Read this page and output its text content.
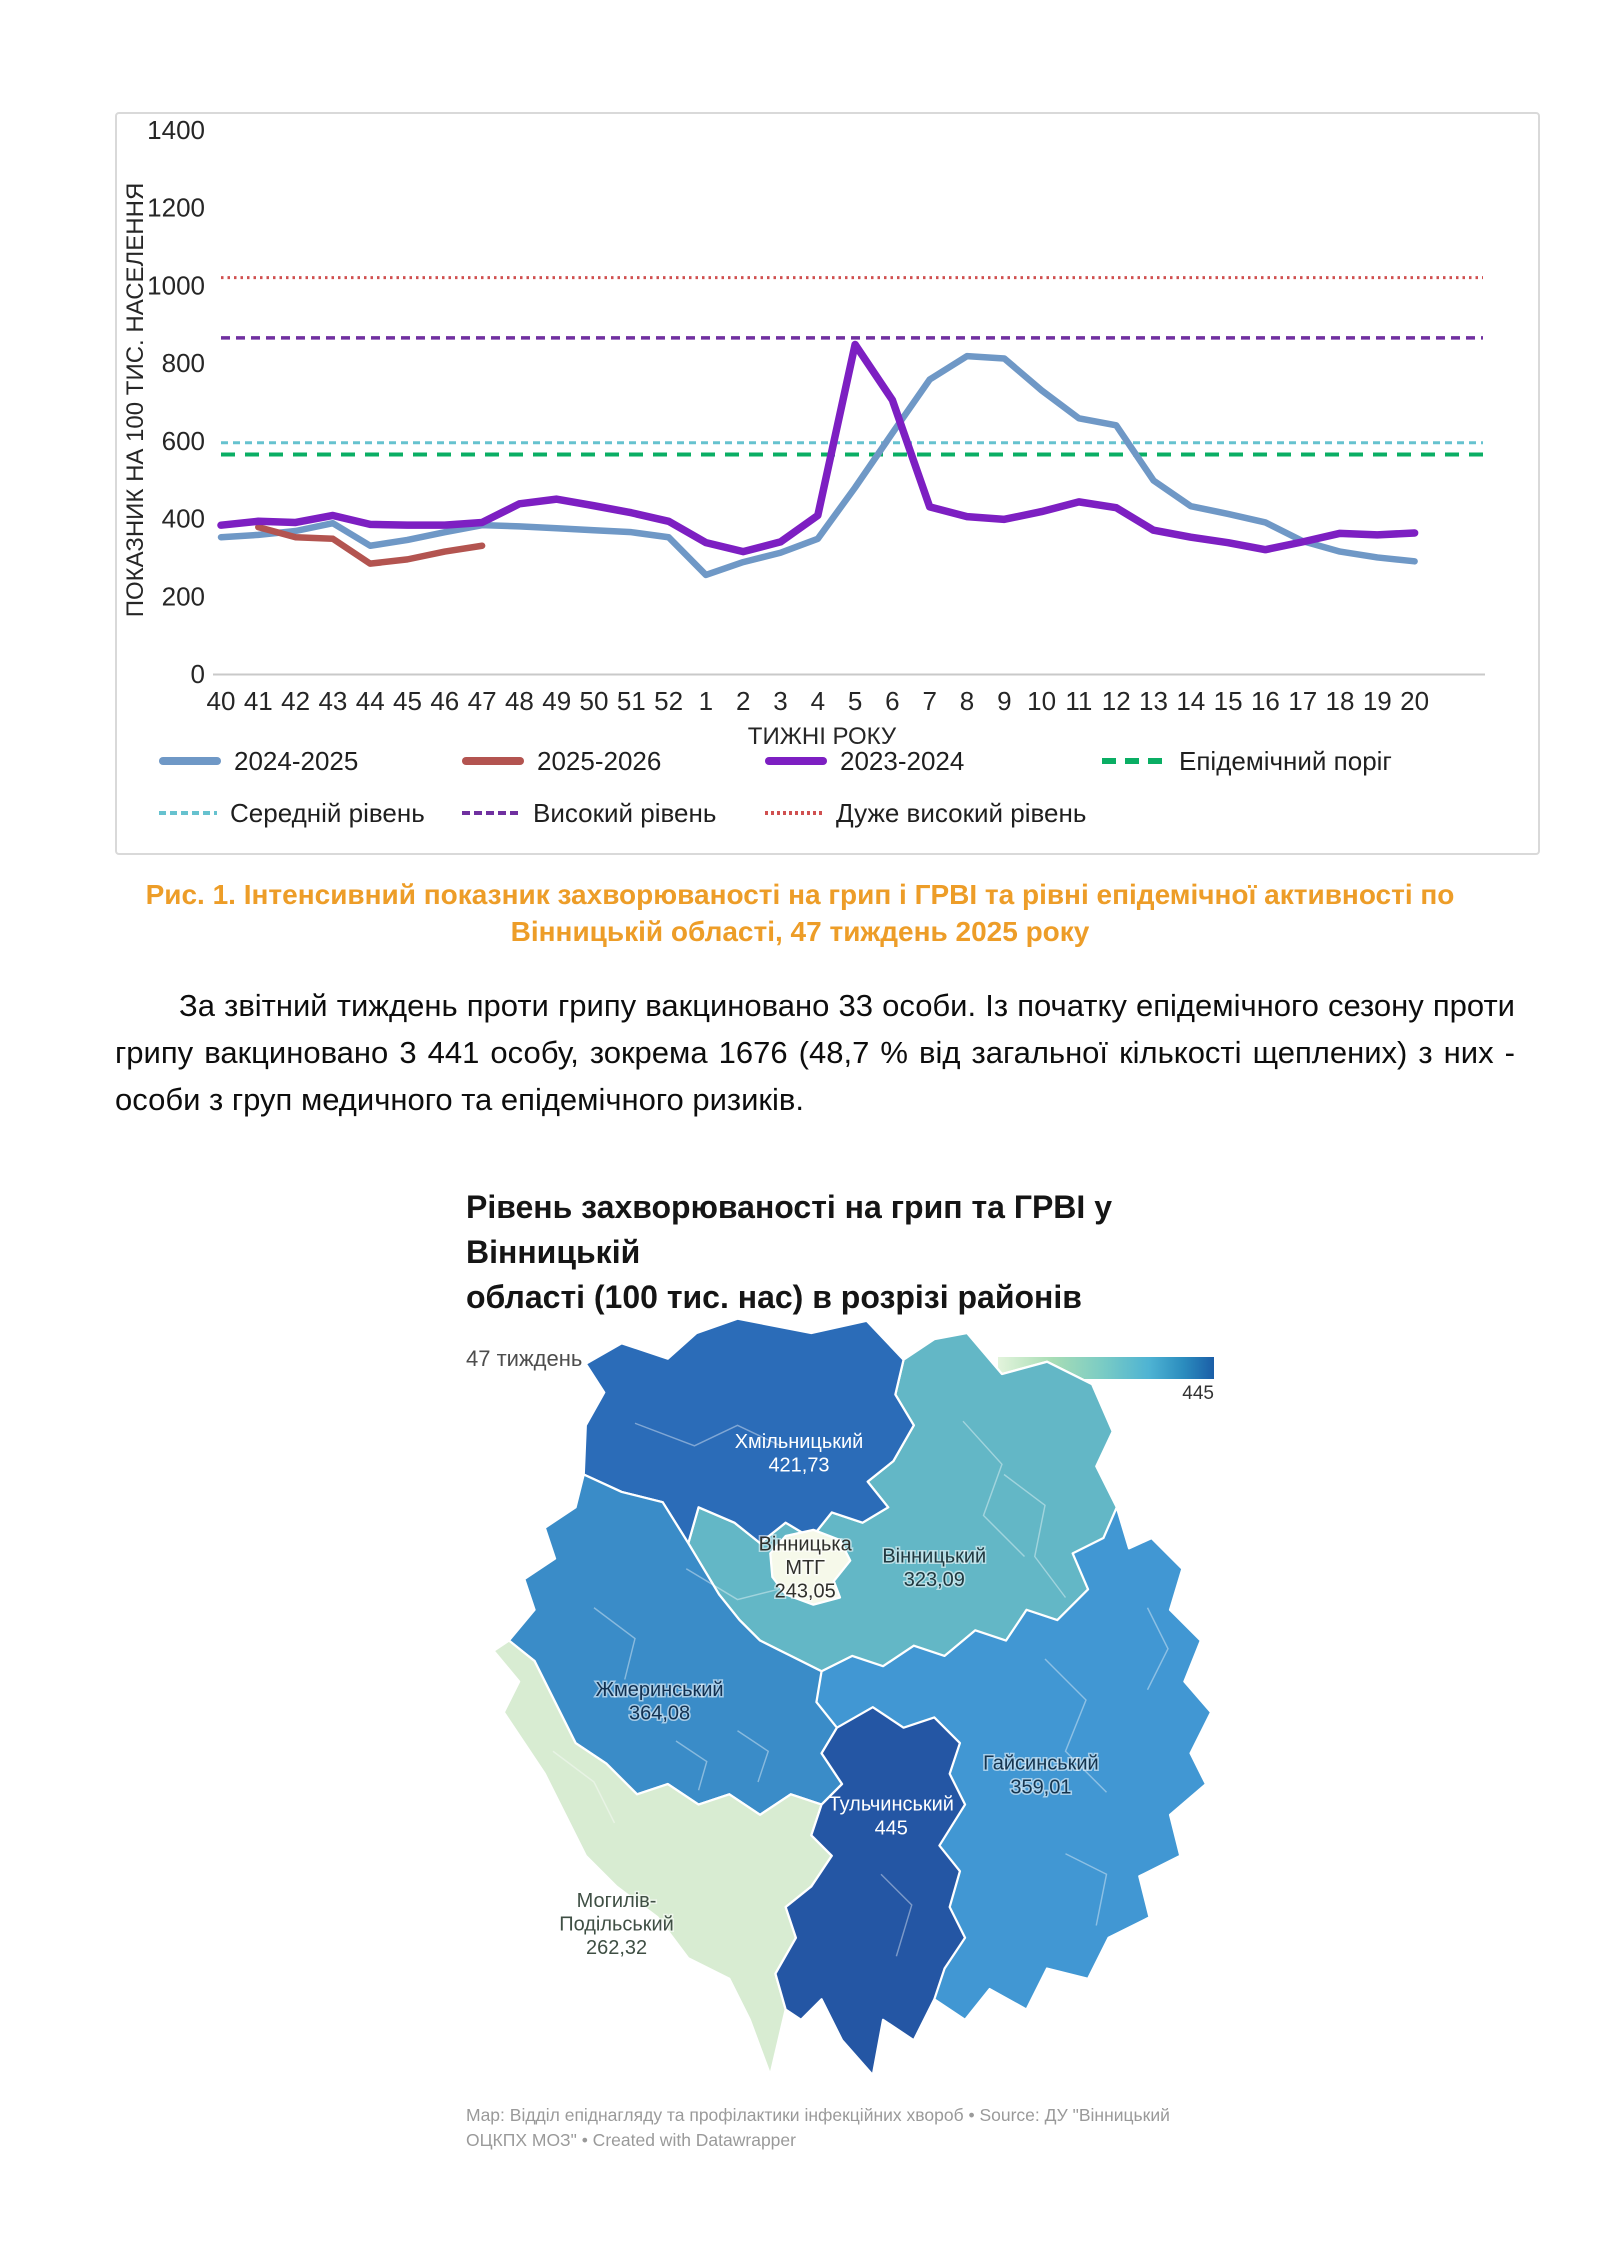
0
200
400
600
800
1000
1200
1400
ПОКАЗНИК НА 100 ТИС. НАСЕЛЕННЯ
40 41 42 43 44 45 46 47 48 49 50 51 52 1 2 3 4 5 6 7 8 9 10 11 12 13 14 15 16 17 18 19 20
ТИЖНІ РОКУ
2024-2025	2025-2026	2023-2024	Епідемічний поріг
Середній рівень	Високий рівень	Дуже високий рівень
Рис. 1. Інтенсивний показник захворюваності на грип і ГРВІ та рівні епідемічної активності по
Вінницькій області, 47 тиждень 2025 року
За звітний тиждень проти грипу вакциновано 33 особи. Із початку епідемічного сезону проти грипу вакциновано 3 441 особу, зокрема 1676 (48,7 % від загальної кількості щеплених) з них - особи з груп медичного та епідемічного ризиків.
Рівень захворюваності на грип та ГРВІ у Вінницькій
області (100 тис. нас) в розрізі районів
47 тиждень
445
Хмільницький 421,73
Вінницький 323,09
Вінницька МТГ 243,05
Жмеринський 364,08
Могилів-Подільський 262,32
Тульчинський 445
Гайсинський 359,01
Map: Відділ епіднагляду та профілактики інфекційних хвороб • Source: ДУ "Вінницький ОЦКПХ МОЗ" • Created with Datawrapper
